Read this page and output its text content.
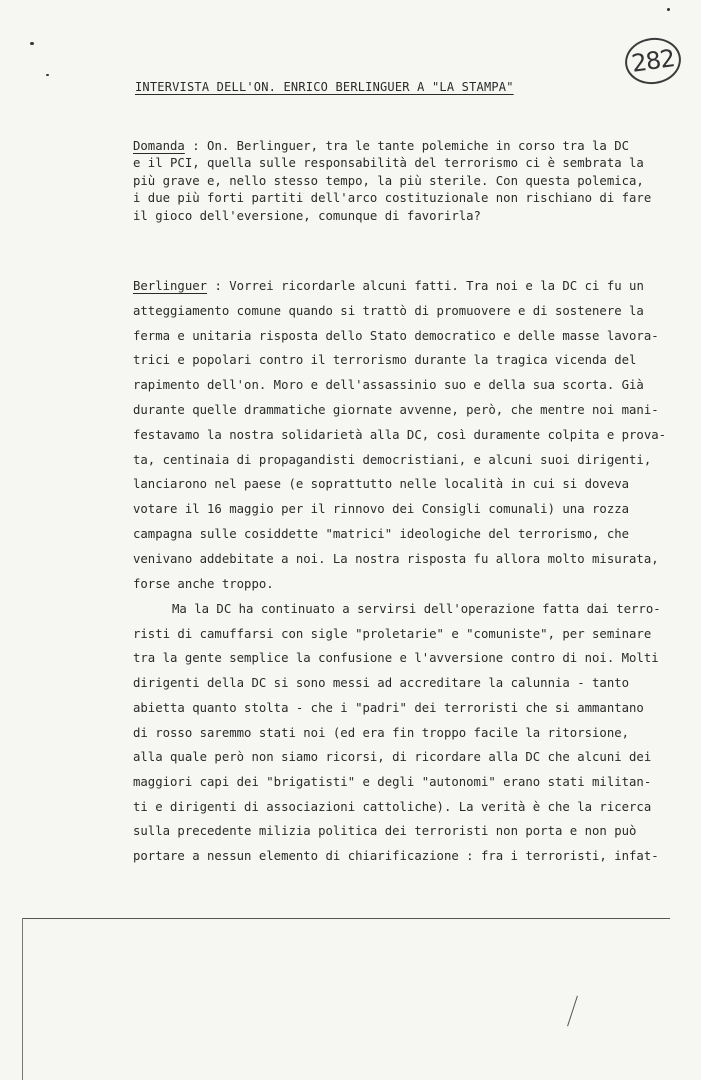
282
INTERVISTA DELL'ON. ENRICO BERLINGUER A "LA STAMPA"
Domanda : On. Berlinguer, tra le tante polemiche in corso tra la DC
e il PCI, quella sulle responsabilità del terrorismo ci è sembrata la
più grave e, nello stesso tempo, la più sterile. Con questa polemica,
i due più forti partiti dell'arco costituzionale non rischiano di fare
il gioco dell'eversione, comunque di favorirla?
Berlinguer : Vorrei ricordarle alcuni fatti. Tra noi e la DC ci fu un
atteggiamento comune quando si trattò di promuovere e di sostenere la
ferma e unitaria risposta dello Stato democratico e delle masse lavora-
trici e popolari contro il terrorismo durante la tragica vicenda del
rapimento dell'on. Moro e dell'assassinio suo e della sua scorta. Già
durante quelle drammatiche giornate avvenne, però, che mentre noi mani-
festavamo la nostra solidarietà alla DC, così duramente colpita e prova-
ta, centinaia di propagandisti democristiani, e alcuni suoi dirigenti,
lanciarono nel paese (e soprattutto nelle località in cui si doveva
votare il 16 maggio per il rinnovo dei Consigli comunali) una rozza
campagna sulle cosiddette "matrici" ideologiche del terrorismo, che
venivano addebitate a noi. La nostra risposta fu allora molto misurata,
forse anche troppo.
Ma la DC ha continuato a servirsi dell'operazione fatta dai terro-
risti di camuffarsi con sigle "proletarie" e "comuniste", per seminare
tra la gente semplice la confusione e l'avversione contro di noi. Molti
dirigenti della DC si sono messi ad accreditare la calunnia - tanto
abietta quanto stolta - che i "padri" dei terroristi che si ammantano
di rosso saremmo stati noi (ed era fin troppo facile la ritorsione,
alla quale però non siamo ricorsi, di ricordare alla DC che alcuni dei
maggiori capi dei "brigatisti" e degli "autonomi" erano stati militan-
ti e dirigenti di associazioni cattoliche). La verità è che la ricerca
sulla precedente milizia politica dei terroristi non porta e non può
portare a nessun elemento di chiarificazione : fra i terroristi, infat-
